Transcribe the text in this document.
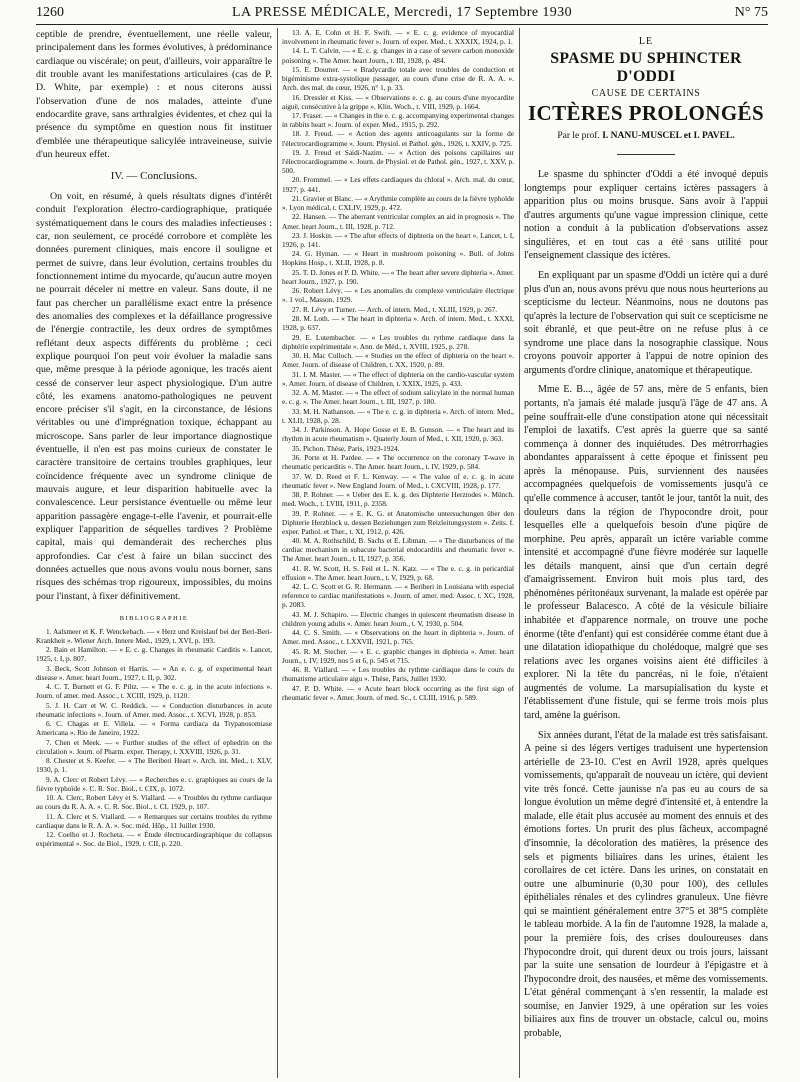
1260	LA PRESSE MÉDICALE, Mercredi, 17 Septembre 1930	N° 75

ceptible de prendre, éventuellement, une réelle valeur, principalement dans les formes évolutives, à prédominance cardiaque ou viscérale; on peut, d'ailleurs, voir apparaître le dit trouble avant les manifestations articulaires (cas de P. D. White, par exemple) : et nous citerons aussi l'observation d'une de nos malades, atteinte d'une endocardite grave, sans arthralgies évidentes, et chez qui la présence du symptôme en question nous fit instituer d'emblée une thérapeutique salicylée intraveineuse, suivie d'un heureux effet.

IV. — Conclusions.

On voit, en résumé, à quels résultats dignes d'intérêt conduit l'exploration électro-cardiographique, pratiquée systématiquement dans le cours des maladies infectieuses : car, non seulement, ce procédé corrobore et complète les données purement cliniques, mais encore il souligne et permet de suivre, dans leur évolution, certains troubles du fonctionnement intime du myocarde, qu'aucun autre moyen ne pourrait déceler ni mettre en valeur. Sans doute, il ne faut pas chercher un parallélisme exact entre la présence des anomalies des complexes et la défaillance progressive de l'énergie contractile, les deux ordres de symptômes reflétant deux aspects différents du problème ; ceci explique pourquoi l'on peut voir évoluer la maladie sans que, même presque à la période agonique, les tracés aient cessé de conserver leur aspect physiologique. D'un autre côté, les examens anatomo-pathologiques ne peuvent encore préciser s'il s'agit, en la circonstance, de lésions véritables ou une d'imprégnation toxique, échappant au microscope. Sans parler de leur importance diagnostique éventuelle, il n'en est pas moins curieux de constater le caractère transitoire de certains troubles graphiques, leur coïncidence fréquente avec un syndrome clinique de mauvais augure, et leur disparition habituelle avec la convalescence. Leur persistance éventuelle ou même leur apparition passagère engage-t-elle l'avenir, et pourrait-elle expliquer l'apparition de séquelles tardives ? Problème capital, mais qui demanderait des recherches plus approfondies. Car c'est à faire un bilan succinct des données actuelles que nous avons voulu nous borner, sans risques des schémas trop rigoureux, impossibles, du moins pour l'instant, à fixer définitivement.

BIBLIOGRAPHIE

1. Aalsmeer et K. F. Wenckebach. — « Herz und Kreislauf bei der Beri-Beri-Krankheit ». Wiener Arch. Innere Med., 1929, t. XVI, p. 193.

2. Bain et Hamilton. — « E. c. g. Changes in rheumatic Carditis ». Lancet, 1925, t. I, p. 807.

3. Beck, Scott Johnson et Harris. — « An e. c. g. of experimental heart disease ». Amer. heart Journ., 1927, t. II, p. 302.

4. C. T. Burnett et G. F. Piltz. — « The e. c. g. in the acute infections ». Journ. of amer. med. Assoc., t. XCIII, 1929, p. 1120.

5. J. H. Carr et W. C. Reddick. — « Conduction disturbances in acute rheumatic infections ». Journ. of Amer. med. Assoc., t. XCVI, 1928, p. 853.

6. C. Chagas et E. Villela. — « Forma cardiaca da Trypanosomiase Americana ». Rio de Janeiro, 1922.

7. Chen et Meek. — « Further studies of the effect of ephedrin on the circulation ». Journ. of Pharm. exper. Therapy, t. XXVIII, 1926, p. 31.

8. Chester et S. Keefer. — « The Beriberi Heart ». Arch. int. Med., t. XLV, 1930, p. 1.

9. A. Clerc et Robert Lévy. — « Recherches e. c. graphiques au cours de la fièvre typhoïde ». C. R. Soc. Biol., t. CIX, p. 1072.

10. A. Clerc, Robert Lévy et S. Viallard. — « Troubles du rythme cardiaque au cours du R. A. A. ». C. R. Soc. Biol., t. CI, 1929, p. 107.

11. A. Clerc et S. Viallard. — « Remarques sur certains troubles du rythme cardiaque dans le R. A. A. ». Soc. méd. Hôp., 11 Juillet 1930.

12. Coelho et J. Rocheta. — « Étude électrocardiographique du collapsus expérimental ». Soc. de Biol., 1929, t. CII, p. 220.

13. A. E. Cohn et H. F. Swift. — « E. c. g. evidence of myocardial involvement in rheumatic fever ». Journ. of exper. Med., t. XXXIX, 1924, p. 1.

14. L. T. Calvin. — « E. c. g. changes in a case of severe carbon monoxide poisoning ». The Amer. heart Journ., t. III, 1928, p. 484.

15. E. Doumer. — « Bradycardie totale avec troubles de conduction et bigéminisme extra-systolique passager, au cours d'une crise de R. A. A. ». Arch. des mal. du cœur, 1926, n° 1, p. 33.

16. Dressler et Kiss. — « Observations e. c. g. au cours d'une myocardite aiguë, consécutive à la grippe ». Klin. Woch., t. VIII, 1929, p. 1664.

17. Fraser. — « Changes in the e. c. g. accompanying experimental changes in rabbits heart ». Journ. of exper. Med., 1915, p. 292.

18. J. Freud. — « Action des agents anticoagulants sur la forme de l'électrocardiogramme ». Journ. Physiol. et Pathol. gén., 1926, t. XXIV, p. 725.

19. J. Freud et Saidi-Nazim. — « Action des poisons capillaires sur l'électrocardiogramme ». Journ. de Physiol. et de Pathol. gén., 1927, t. XXV, p. 500.

20. Frommel. — « Les effets cardiaques du chloral ». Arch. mal. du cœur, 1927, p. 441.

21. Gravier et Blanc. — « Arythmie complète au cours de la fièvre typhoïde ». Lyon médical, t. CXLIV, 1929, p. 472.

22. Hansen. — The aberrant ventricular complex an aid in prognosis ». The Amer. heart Journ., t. III, 1928, p. 712.

23. J. Hoskin. — « The after effects of diphteria on the heart ». Lancet, t. I, 1926, p. 141.

24. G. Hyman. — « Heart in mushroom poisoning ». Bull. of Johns Hopkins Hosp., t. XLII, 1928, p. 8.

25. T. D. Jones et P. D. White. — « The heart after severe diphteria ». Amer. heart Journ., 1927, p. 190.

26. Robert Lévy. — « Les anomalies du complexe ventriculaire électrique ». 1 vol., Masson, 1929.

27. R. Lévy et Turner. — Arch. of intern. Med., t. XLIII, 1929, p. 267.

28. M. Loth. — « The heart in diphteria ». Arch. of intern. Med., t. XXXI, 1928, p. 637.

29. E. Lutembacher. — « Les troubles du rythme cardiaque dans la diphtérie expérimentale ». Ann. de Méd., t. XVIII, 1925, p. 278.

30. H. Mac Culloch. — « Studies on the effect of diphteria on the heart ». Amer. Journ. of disease of Children, t. XX, 1920, p. 89.

31. I. M. Master. — « The effect of diphteria on the cardio-vascular system ». Amer. Journ. of disease of Children, t. XXIX, 1925, p. 433.

32. A. M. Master. — « The effect of sodium salicylate in the normal human e. c. g. ». The Amer. heart Journ., t. III, 1927, p. 180.

33. M. H. Nathanson. — « The e. c. g. in diphteria ». Arch. of intern. Med., t. XLII, 1928, p. 28.

34. J. Parkinson. A. Hope Gosse et E. B. Gunson. — « The heart and its rhythm in acute rheumatism ». Quaterly Journ of Med., t. XII, 1920, p. 363.

35. Pichon. Thèse, Paris, 1923-1924.

36. Porte et H. Pardee. — « The occurrence on the coronary T-wave in rheumatic pericarditis ». The Amer. heart Journ., t. IV, 1929, p. 584.

37. W. D. Reed et F. L. Kenway. — « The value of e. c. g. in acute rheumatic fever ». New England Journ. of Med., t. CXCVIII, 1928, p. 177.

38. P. Rohner. — « Ueber des E. k. g. des Diphterie Herztodes ». Münch. med. Woch., t. LVIII, 1911, p. 2358.

39. P. Rohner. — « E. K. G. et Anatomische untersuchungen über den Diphterie Herzblock u. dessen Beziehungen zum Reizleitungsystem ». Zeits. f. exper. Pathol. et Ther., t. XI, 1912, p. 426.

40. M. A. Rothschild, B. Sachs et E. Libman. — « The disturbances of the cardiac mechanism in subacute bacterial endocarditis and rheumatic fever ». The Amer. heart Journ., t. II, 1927, p. 356.

41. R. W. Scott, H. S. Feil et L. N. Katz. — « The e. c. g. in pericardial effusion ». The Amer. heart Journ., t. V, 1929, p. 68.

42. L. C. Scott et G. R. Hermann. — « Beriberi in Louisiana with especial reference to cardiac manifestations ». Journ. of amer. med. Assoc. t. XC, 1928, p. 2083.

43. M. J. Schapiro. — Electric changes in quiescent rheumatism disease in children young adults ». Amer. heart Journ., t. V, 1930, p. 504.

44. C. S. Smith. — « Observations on the heart in diphteria ». Journ. of Amer. med. Assoc., t. LXXVII, 1921, p. 765.

45. R. M. Stecher. — « E. c. graphic changes in diphteria ». Amer. heart Journ., t. IV, 1929, nos 5 et 6, p. 545 et 715.

46. R. Viallard. — « Les troubles du rythme cardiaque dans le cours du rhumatisme articulaire aigu ». Thèse, Paris, Juillet 1930.

47. P. D. White. — « Acute heart block occurring as the first sign of rheumatic fever ». Amer. Journ. of med. Sc., t. CLIII, 1916, p. 589.

LE
SPASME DU SPHINCTER D'ODDI
CAUSE DE CERTAINS
ICTÈRES PROLONGÉS
Par le prof. I. NANU-MUSCEL et I. PAVEL.

Le spasme du sphincter d'Oddi a été invoqué depuis longtemps pour expliquer certains ictères passagers à apparition plus ou moins brusque. Sans avoir à l'appui d'autres arguments qu'une vague impression clinique, cette notion a conduit à la publication d'observations assez singulières, et en tout cas a été sans utilité pour l'enseignement classique des ictères.

En expliquant par un spasme d'Oddi un ictère qui a duré plus d'un an, nous avons prévu que nous nous heurterions au scepticisme du lecteur. Néanmoins, nous ne doutons pas qu'après la lecture de l'observation qui suit ce scepticisme ne soit ébranlé, et que peut-être on ne refuse plus à ce syndrome une place dans la nosographie classique. Nous croyons pouvoir apporter à l'appui de notre opinion des arguments d'ordre clinique, anatomique et thérapeutique.

Mme E. B..., âgée de 57 ans, mère de 5 enfants, bien portants, n'a jamais été malade jusqu'à l'âge de 47 ans. A peine souffrait-elle d'une constipation atone qui nécessitait l'emploi de laxatifs. C'est après la guerre que sa santé commença à donner des inquiétudes. Des métrorrhagies abondantes apparaissent à cette époque et finissent peu après la ménopause. Puis, surviennent des nausées accompagnées quelquefois de vomissements jusqu'à ce qu'elle commence à accuser, tantôt le jour, tantôt la nuit, des douleurs dans la région de l'hypocondre droit, pour lesquelles elle a quelquefois besoin d'une piqûre de morphine. Peu après, apparaît un ictère variable comme intensité et accompagné d'une fièvre modérée sur laquelle les détails manquent, ainsi que d'un certain degré d'amaigrissement. Environ huit mois plus tard, des phénomènes péritonéaux survenant, la malade est opérée par le professeur Balacesco. A côté de la vésicule biliaire inhabitée et d'apparence normale, on trouve une poche énorme (tête d'enfant) qui est considérée comme étant due à une dilatation idiopathique du cholédoque, malgré que ses relations avec les organes voisins aient été difficiles à explorer. Ni la tête du pancréas, ni le foie, n'étaient augmentés de volume. La marsupialisation du kyste et l'établissement d'une fistule, qui se ferme trois mois plus tard, amène la guérison.

Six années durant, l'état de la malade est très satisfaisant. A peine si des légers vertiges traduisent une hypertension artérielle de 23-10. C'est en Avril 1928, après quelques vomissements, qu'apparaît de nouveau un ictère, qui devient vite très foncé. Cette jaunisse n'a pas eu au cours de sa longue évolution un même degré d'intensité et, à entendre la malade, elle était plus accusée au moment des ennuis et des émotions fortes. Un prurit des plus fâcheux, accompagné d'insomnie, la décoloration des matières, la présence des sels et pigments biliaires dans les urines, étaient les corollaires de cet ictère. Dans les urines, on constatait en outre une albuminurie (0,30 pour 100), des cellules épithéliales rénales et des cylindres granuleux. Une fièvre qui se maintient généralement entre 37°5 et 38°5 complète le tableau morbide. A la fin de l'automne 1928, la malade a, pour la première fois, des crises douloureuses dans l'hypocondre droit, qui durent deux ou trois jours, laissant par la suite une sensation de lourdeur à l'épigastre et à l'hypocondre droit, des nausées, et même des vomissements. L'état général commençant à s'en ressentir, la malade est soumise, en Janvier 1929, à une opération sur les voies biliaires aux fins de trouver un obstacle, calcul ou, moins probable,
